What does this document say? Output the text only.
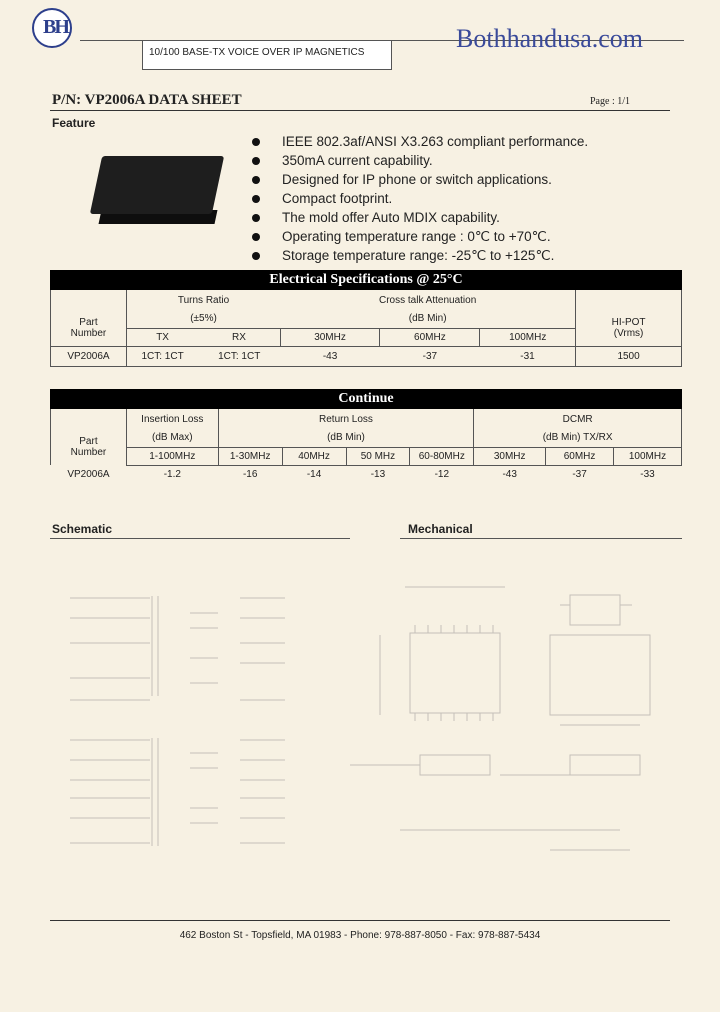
BH
10/100 BASE-TX VOICE OVER IP MAGNETICS	Bothhandusa.com
P/N: VP2006A DATA SHEET	Page : 1/1
Feature
IEEE 802.3af/ANSI X3.263 compliant performance.
350mA current capability.
Designed for IP phone or switch applications.
Compact footprint.
The mold offer Auto MDIX capability.
Operating temperature range : 0℃ to +70℃.
Storage temperature range: -25℃ to +125℃.
Electrical Specifications @ 25°C
Part	Turns Ratio		Cross talk Attenuation			HI-POT
	(±5%)		(dB Min)			
Number	TX	RX	30MHz	60MHz	100MHz	(Vrms)
VP2006A	1CT: 1CT	1CT: 1CT	-43	-37	-31	1500
Continue
Part	Insertion Loss	Return Loss				DCMR		
	(dB Max)	(dB Min)				(dB Min) TX/RX		
Number	1-100MHz	1-30MHz	40MHz	50 MHz	60-80MHz	30MHz	60MHz	100MHz
VP2006A	-1.2	-16	-14	-13	-12	-43	-37	-33
Schematic	Mechanical
462 Boston St - Topsfield, MA 01983 - Phone: 978-887-8050 - Fax: 978-887-5434
